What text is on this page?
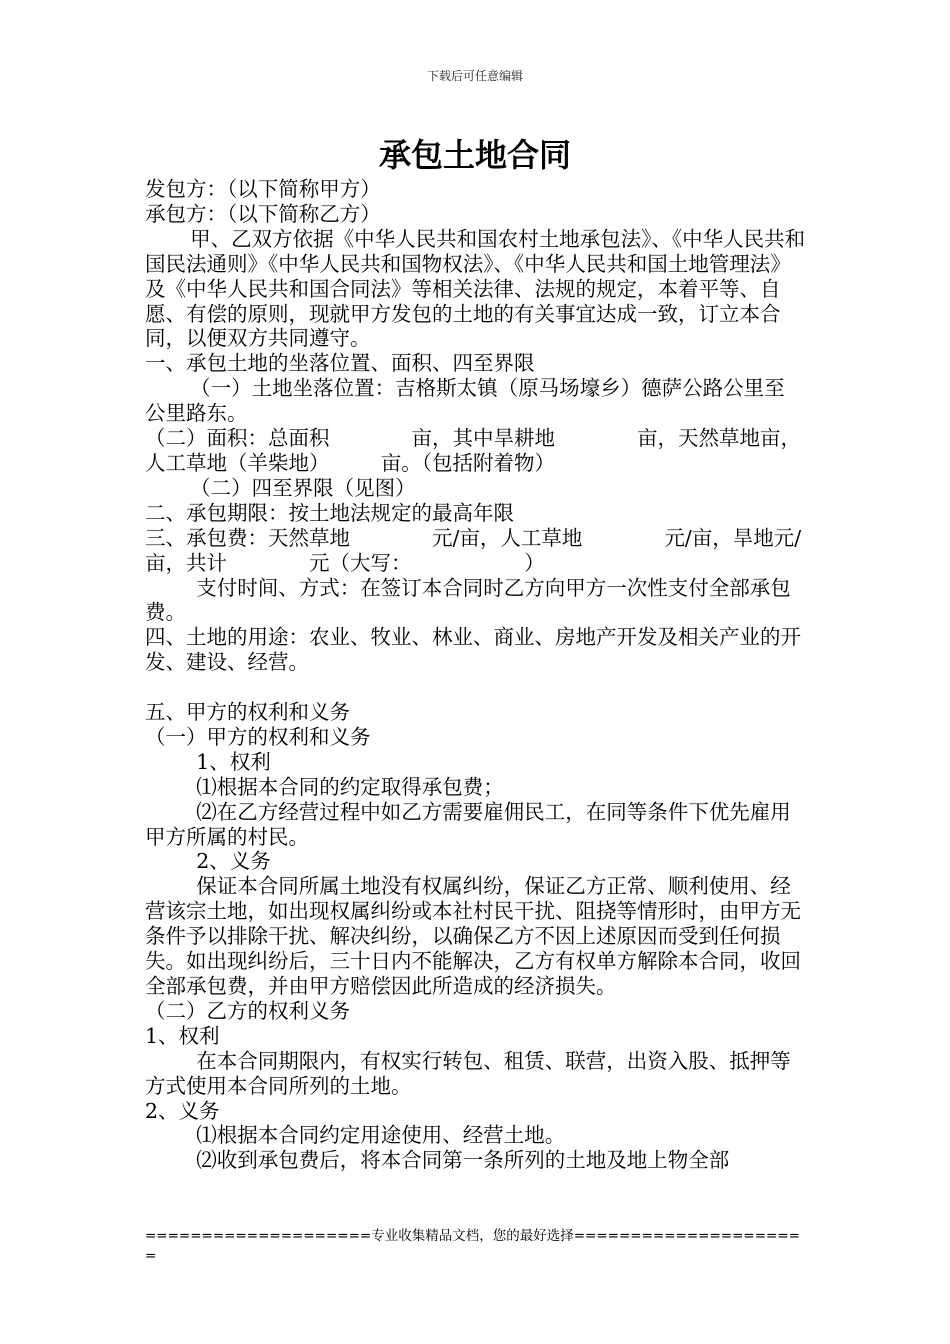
下载后可任意编辑
承包土地合同

发包方：（以下简称甲方）

承包方：（以下简称乙方）

甲、乙双方依据《中华人民共和国农村土地承包法》、《中华人民共和国民法通则》《中华人民共和国物权法》、《中华人民共和国土地管理法》及《中华人民共和国合同法》等相关法律、法规的规定，本着平等、自愿、有偿的原则，现就甲方发包的土地的有关事宜达成一致，订立本合同，以便双方共同遵守。

一、承包土地的坐落位置、面积、四至界限

（一）土地坐落位置：吉格斯太镇（原马场壕乡）德萨公路公里至　　公里路东。

（二）面积：总面积　　　　亩，其中旱耕地　　　　亩，天然草地亩，人工草地（羊柴地）　　　亩。（包括附着物）

（二）四至界限（见图）

二、承包期限：按土地法规定的最高年限

三、承包费：天然草地　　　　元/亩，人工草地　　　　元/亩，旱地元/亩，共计　　　　元（大写：　　　　　　）

支付时间、方式：在签订本合同时乙方向甲方一次性支付全部承包费。

四、土地的用途：农业、牧业、林业、商业、房地产开发及相关产业的开发、建设、经营。

五、甲方的权利和义务

（一）甲方的权利和义务

1、权利

⑴根据本合同的约定取得承包费；

⑵在乙方经营过程中如乙方需要雇佣民工，在同等条件下优先雇用甲方所属的村民。

2、义务

保证本合同所属土地没有权属纠纷，保证乙方正常、顺利使用、经营该宗土地，如出现权属纠纷或本社村民干扰、阻挠等情形时，由甲方无条件予以排除干扰、解决纠纷，以确保乙方不因上述原因而受到任何损失。如出现纠纷后，三十日内不能解决，乙方有权单方解除本合同，收回全部承包费，并由甲方赔偿因此所造成的经济损失。

（二）乙方的权利义务

1、权利

在本合同期限内，有权实行转包、租赁、联营，出资入股、抵押等方式使用本合同所列的土地。

2、义务

⑴根据本合同约定用途使用、经营土地。

⑵收到承包费后，将本合同第一条所列的土地及地上物全部

====================专业收集精品文档，您的最好选择=====================
